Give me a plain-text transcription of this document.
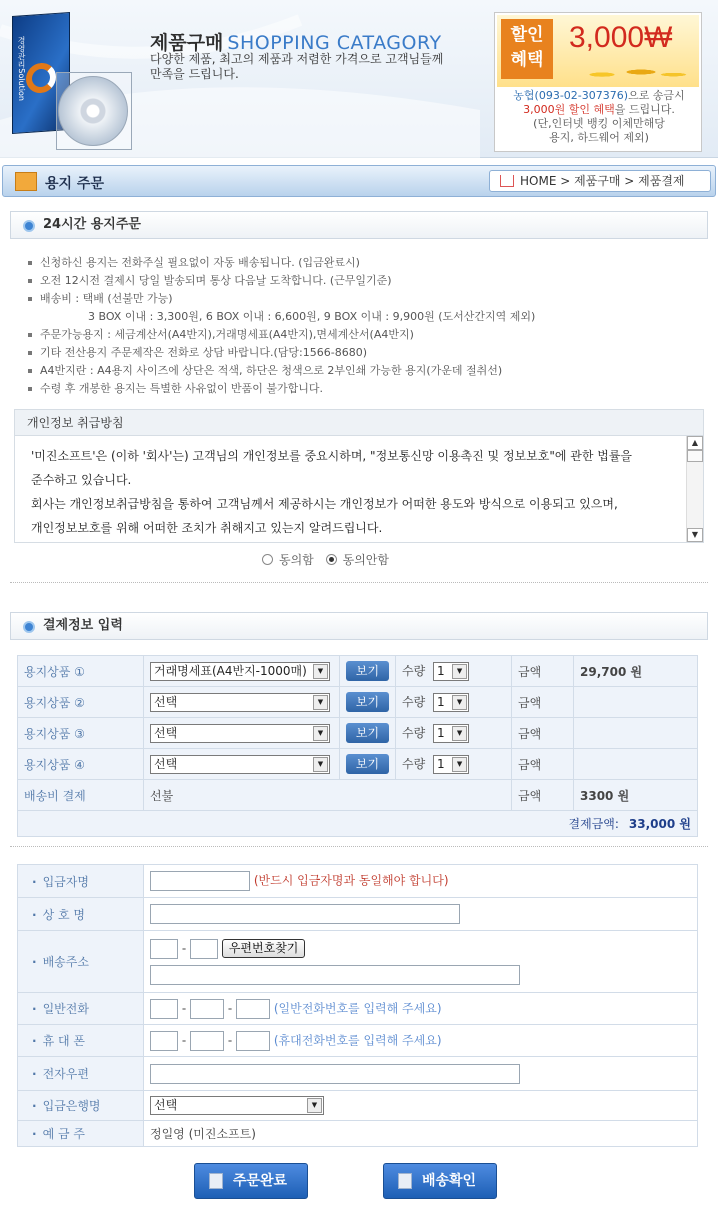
경영관리Solution	제품구매 SHOPPING CATAGORY
다양한 제품, 최고의 제품과 저렴한 가격으로 고객님들께 만족을 드립니다.
할인 혜택
3,000₩
농협(093-02-307376)으로 송금시
3,000원 할인 혜택을 드립니다.
(단,인터넷 뱅킹 이체만해당
용지, 하드웨어 제외)
용지 주문	HOME > 제품구매 > 제품결제
24시간 용지주문
신청하신 용지는 전화주실 필요없이 자동 배송됩니다. (입금완료시)
오전 12시전 결제시 당일 발송되며 통상 다음날 도착합니다. (근무일기준)
배송비 : 택배 (선불만 가능)
3 BOX 이내 : 3,300원, 6 BOX 이내 : 6,600원, 9 BOX 이내 : 9,900원 (도서산간지역 제외)
주문가능용지 : 세금계산서(A4반지),거래명세표(A4반지),면세계산서(A4반지)
기타 전산용지 주문제작은 전화로 상담 바랍니다.(담당:1566-8680)
A4반지란 : A4용지 사이즈에 상단은 적색, 하단은 청색으로 2부인쇄 가능한 용지(가운데 절취선)
수령 후 개봉한 용지는 특별한 사유없이 반품이 불가합니다.
개인정보 취급방침
'미진소프트'은 (이하 '회사'는) 고객님의 개인정보를 중요시하며, "정보통신망 이용촉진 및 정보보호"에 관한 법률을
준수하고 있습니다.
회사는 개인정보취급방침을 통하여 고객님께서 제공하시는 개인정보가 어떠한 용도와 방식으로 이용되고 있으며,
개인정보보호를 위해 어떠한 조치가 취해지고 있는지 알려드립니다.
▲
▼
동의함 동의안함
결제정보 입력
용지상품 ①	거래명세표(A4반지-1000매) ▼	보기	수량 1 ▼	금액	29,700 원
용지상품 ②	선택 ▼	보기	수량 1 ▼	금액	
용지상품 ③	선택 ▼	보기	수량 1 ▼	금액	
용지상품 ④	선택 ▼	보기	수량 1 ▼	금액	
배송비 결제	선불			금액	3300 원
결제금액: 33,000 원					
· 입금자명	(반드시 입금자명과 동일해야 합니다)
· 상 호 명	
· 배송주소	- 우편번호찾기

· 일반전화	- - (일반전화번호를 입력해 주세요)
· 휴 대 폰	- - (휴대전화번호를 입력해 주세요)
· 전자우편	
· 입금은행명	선택 ▼

· 예 금 주	정일영 (미진소프트)
주문완료	배송확인
